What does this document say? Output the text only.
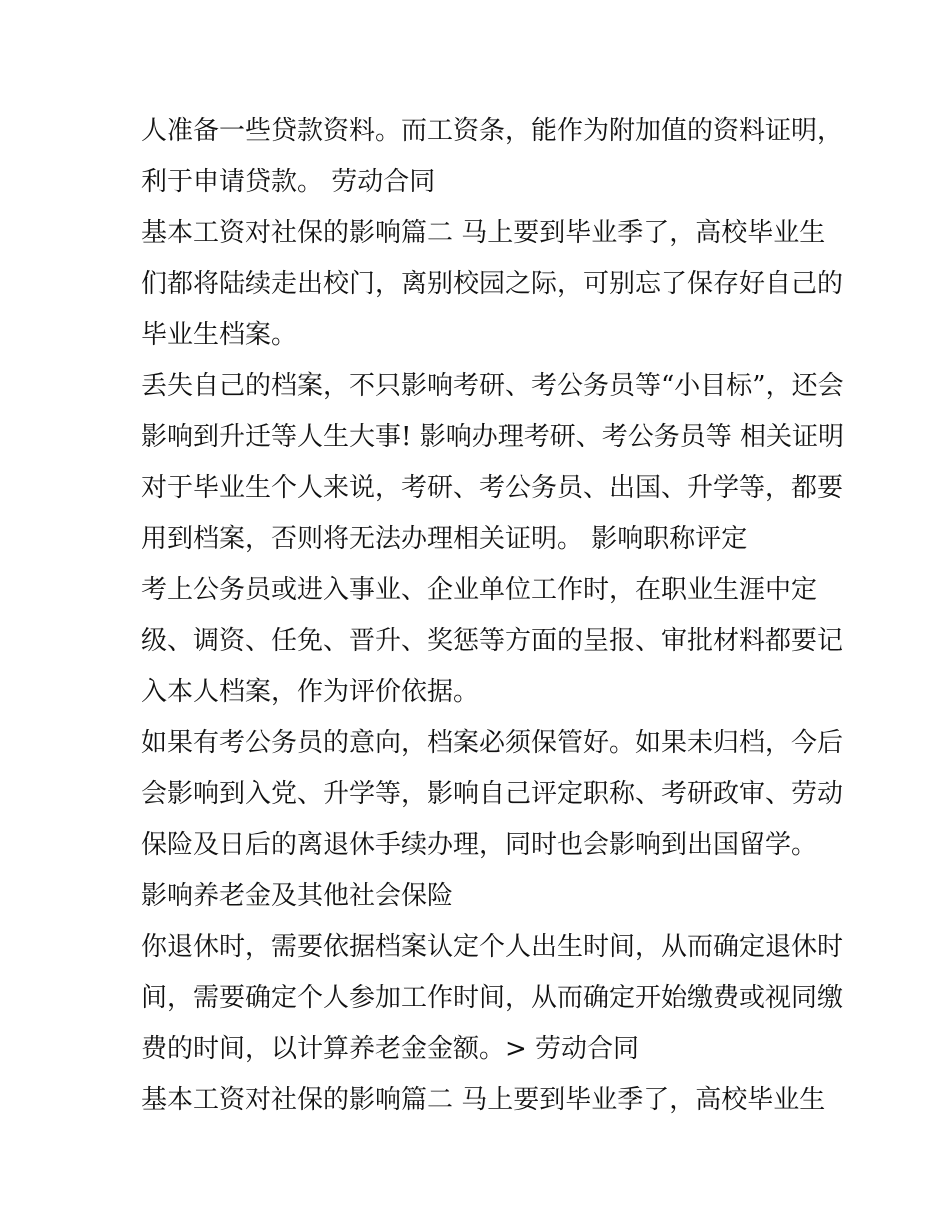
人准备一些贷款资料。而工资条，能作为附加值的资料证明，
利于申请贷款。 劳动合同
基本工资对社保的影响篇二 马上要到毕业季了，高校毕业生
们都将陆续走出校门，离别校园之际，可别忘了保存好自己的
毕业生档案。
丢失自己的档案，不只影响考研、考公务员等“小目标”，还会
影响到升迁等人生大事! 影响办理考研、考公务员等 相关证明
对于毕业生个人来说，考研、考公务员、出国、升学等，都要
用到档案，否则将无法办理相关证明。 影响职称评定
考上公务员或进入事业、企业单位工作时，在职业生涯中定
级、调资、任免、晋升、奖惩等方面的呈报、审批材料都要记
入本人档案，作为评价依据。
如果有考公务员的意向，档案必须保管好。如果未归档，今后
会影响到入党、升学等，影响自己评定职称、考研政审、劳动
保险及日后的离退休手续办理，同时也会影响到出国留学。
影响养老金及其他社会保险
你退休时，需要依据档案认定个人出生时间，从而确定退休时
间，需要确定个人参加工作时间，从而确定开始缴费或视同缴
费的时间，以计算养老金金额。> 劳动合同
基本工资对社保的影响篇二 马上要到毕业季了，高校毕业生
